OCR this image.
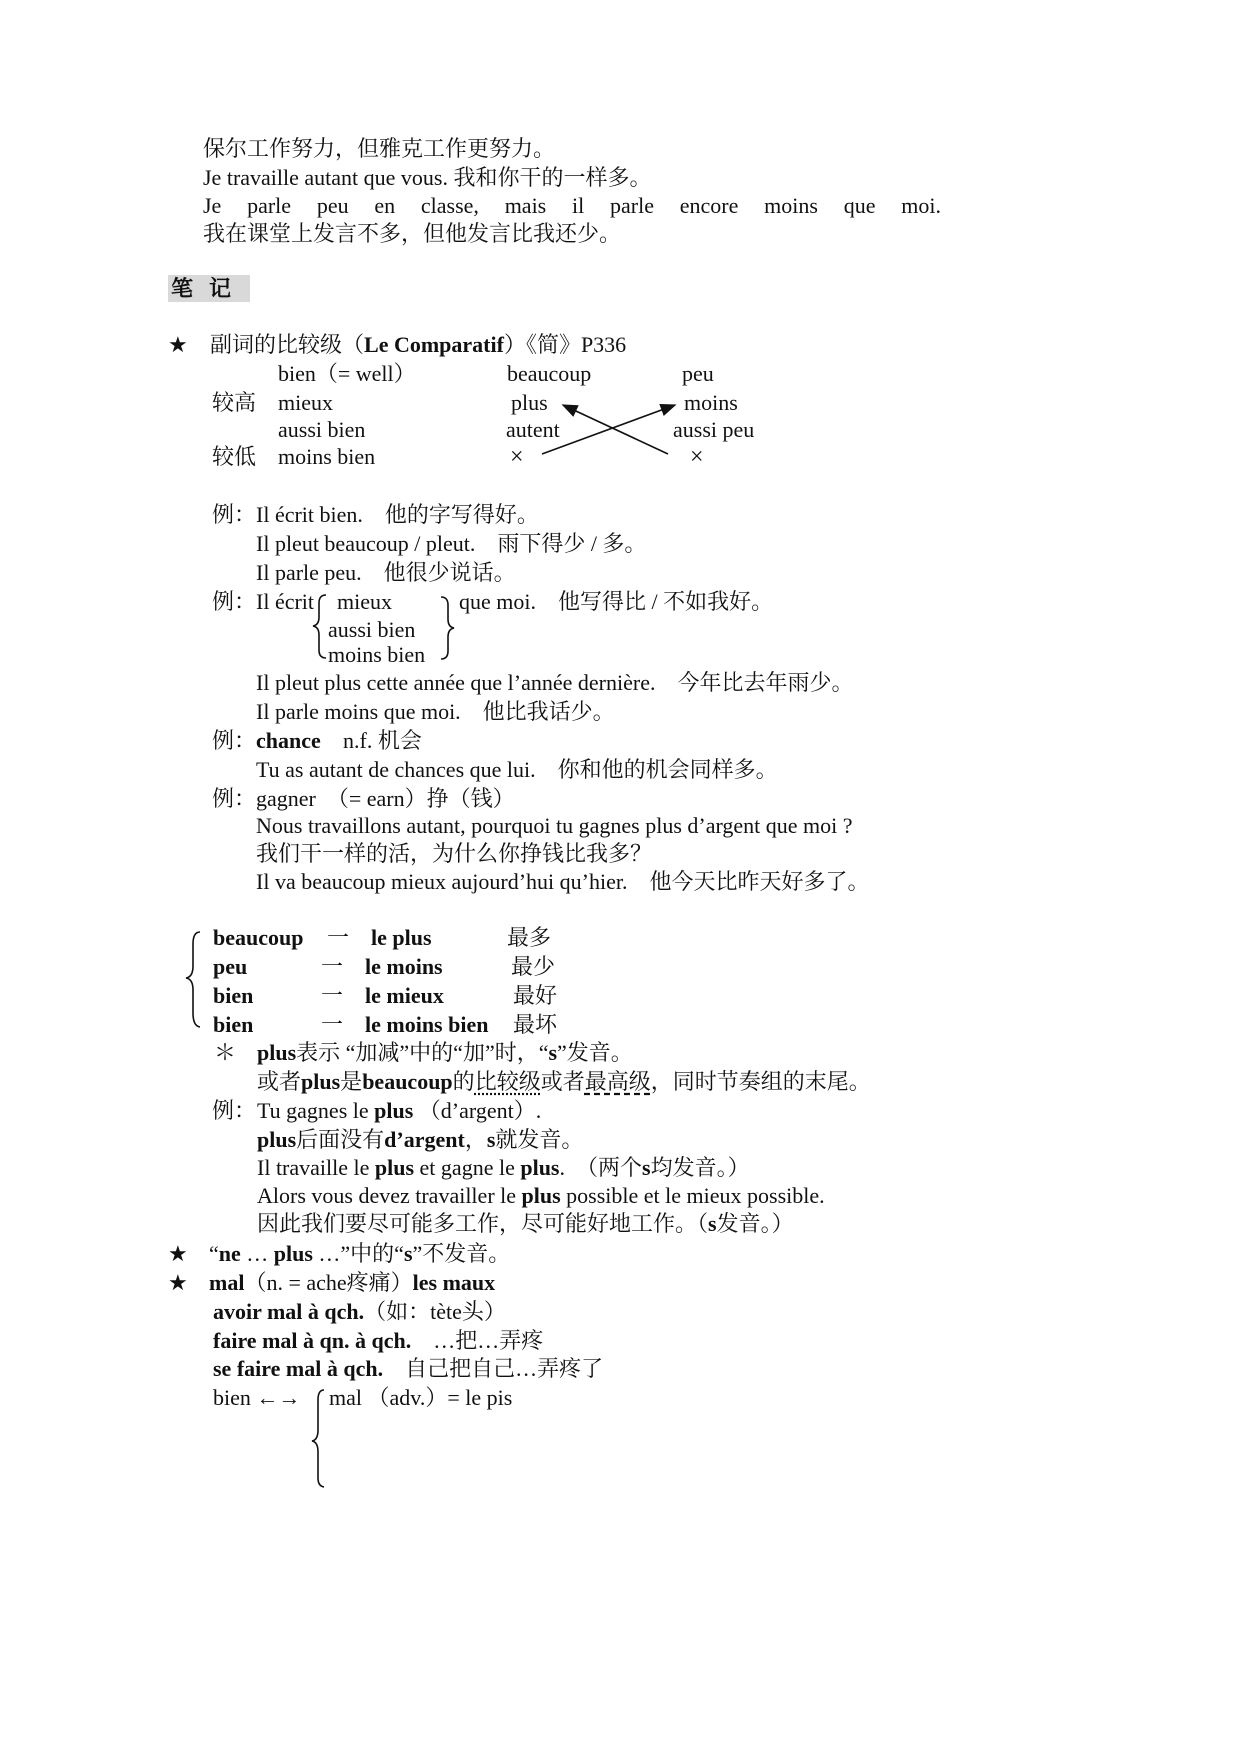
保尔工作努力，但雅克工作更努力。
Je travaille autant que vous. 我和你干的一样多。
Je parle peu en classe, mais il parle encore moins que moi.
我在课堂上发言不多，但他发言比我还少。
笔记
★ 副词的比较级（Le Comparatif）《简》P336
bien（= well）	beaucoup	peu
较高 mieux	plus	moins
aussi bien	autent	aussi peu
较低 moins bien	×	×
例： Il écrit bien.　他的字写得好。
Il pleut beaucoup / pleut.　雨下得少 / 多。
Il parle peu.　他很少说话。
例： Il écrit mieux
aussi bien
moins bien
que moi.　他写得比 / 不如我好。
Il pleut plus cette année que l’année dernière.　今年比去年雨少。
Il parle moins que moi.　他比我话少。
例： chance n.f. 机会
Tu as autant de chances que lui.　你和他的机会同样多。
例： gagner　（= earn）挣（钱）
Nous travaillons autant, pourquoi tu gagnes plus d’argent que moi ?
我们干一样的活，为什么你挣钱比我多？
Il va beaucoup mieux aujourd’hui qu’hier.　他今天比昨天好多了。
beaucoup 一 le plus	最多
peu	一 le moins	最少
bien	一 le mieux	最好
bien	一 le moins bien 最坏
＊ plus表示 “加减”中的“加”时，“s”发音。
或者plus是beaucoup的比较级或者最高级，同时节奏组的末尾。
例： Tu gagnes le plus （d’argent）.
plus后面没有d’argent，s就发音。
Il travaille le plus et gagne le plus.　（两个s均发音。）
Alors vous devez travailler le plus possible et le mieux possible.
因此我们要尽可能多工作，尽可能好地工作。（s发音。）
★ “ne … plus …”中的“s”不发音。
★ mal（n. = ache疼痛）les maux
avoir mal à qch.（如：tète头）
faire mal à qn. à qch.　…把…弄疼
se faire mal à qch.　自己把自己…弄疼了
bien ←→ mal （adv.）= le pis
